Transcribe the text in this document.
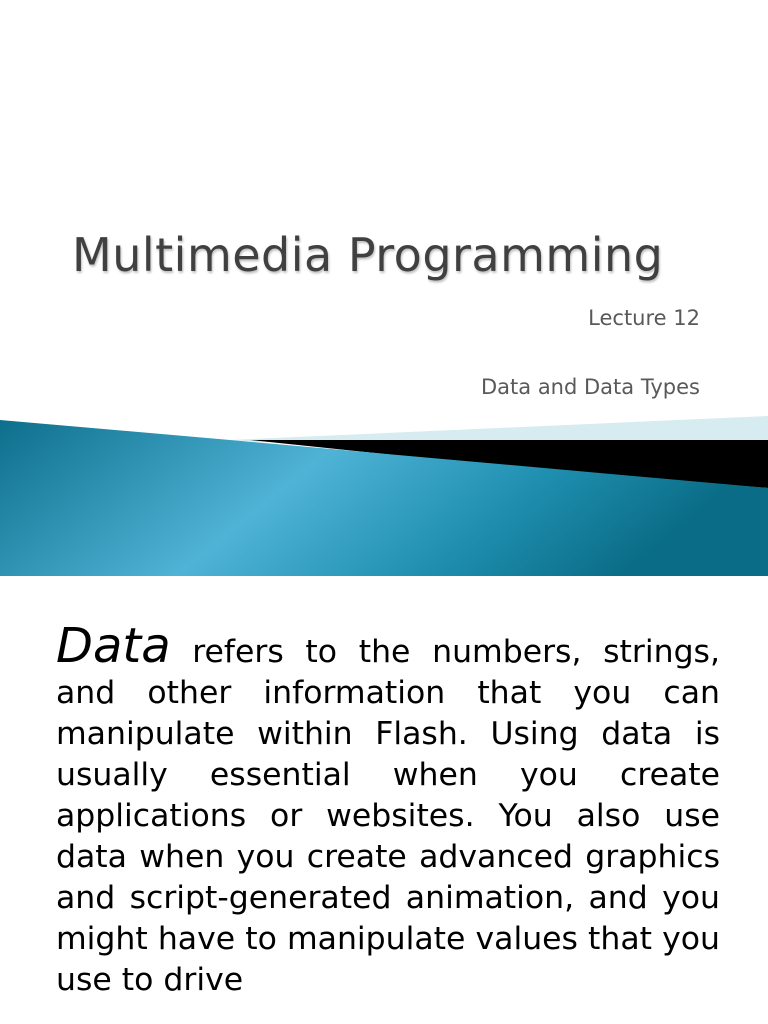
Multimedia Programming

Lecture 12

Data and Data Types

Data refers to the numbers, strings, and other information that you can manipulate within Flash. Using data is usually essential when you create applications or websites. You also use data when you create advanced graphics and script-generated animation, and you might have to manipulate values that you use to drive
